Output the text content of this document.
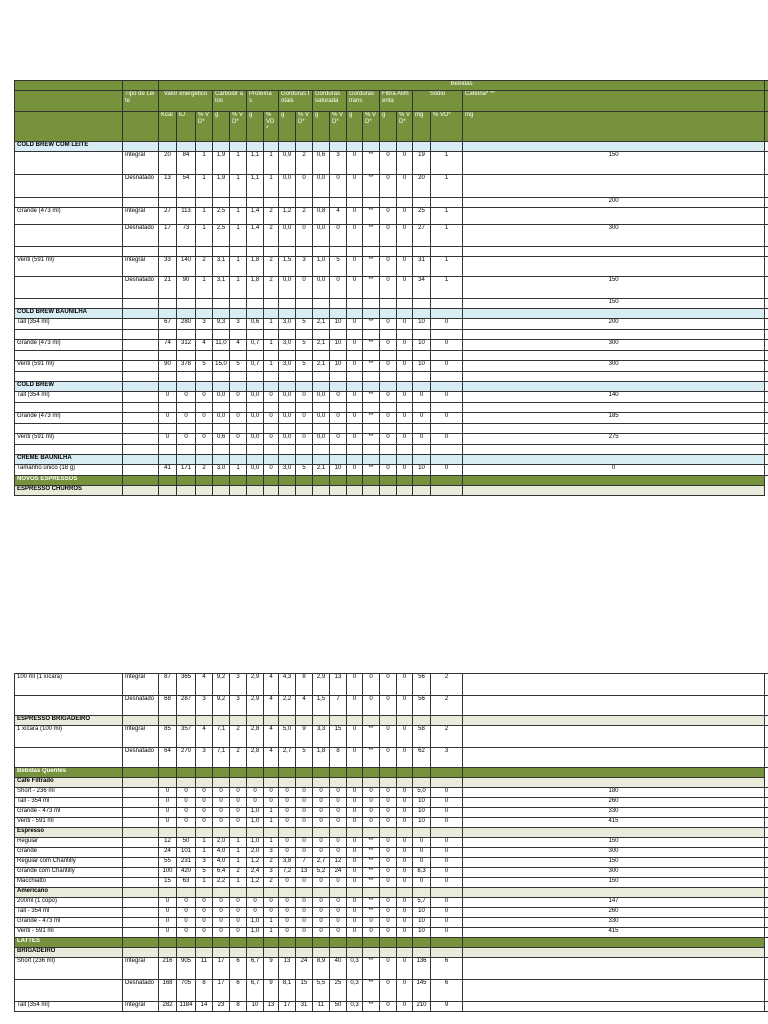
		Bebidas																		
	Tipo de Leite	Valor energético			Carboidr atos		Proteína s		Gorduras totais		Gorduras saturada		Gorduras trans		Fibra Alimenta		Sódio		Cafeína* **	
		Kcal	kJ	% VD*	g	% VD*	g	% VD*	g	% VD*	g	% VD*	g	% VD*	g	% VD*	mg	% VD*	mg	
COLD BREW COM LEITE																				
	Integral	20	84	1	1,9	1	1,1	1	0,9	2	0,6	3	0	**	0	0	19	1	150	
	Desnatado	13	54	1	1,9	1	1,1	1	0,0	0	0,0	0	0	**	0	0	20	1		
																			200	
Grande (473 ml)	Integral	27	113	1	2,5	1	1,4	2	1,2	2	0,8	4	0	**	0	0	25	1		
	Desnatado	17	73	1	2,5	1	1,4	2	0,0	0	0,0	0	0	**	0	0	27	1	300	

Venti (591 ml)	Integral	33	140	2	3,1	1	1,8	2	1,5	3	1,0	5	0	**	0	0	31	1		
	Desnatado	21	90	1	3,1	1	1,8	2	0,0	0	0,0	0	0	**	0	0	34	1	150	
																			150	
COLD BREW BAUNILHA																				
Tall (354 ml)		67	280	3	9,3	3	0,6	1	3,0	5	2,1	10	0	**	0	0	10	0	200	

Grande (473 ml)		74	312	4	11,0	4	0,7	1	3,0	5	2,1	10	0	**	0	0	10	0	300	

Venti (591 ml)		90	378	5	15,0	5	0,7	1	3,0	5	2,1	10	0	**	0	0	10	0	300	

COLD BREW																				
Tall (354 ml)		0	0	0	0,0	0	0,0	0	0,0	0	0,0	0	0	**	0	0	0	0	140	

Grande (473 ml)		0	0	0	0,0	0	0,0	0	0,0	0	0,0	0	0	**	0	0	0	0	185	

Venti (591 ml)		0	0	0	0,6	0	0,0	0	0,0	0	0,0	0	0	**	0	0	0	0	275	

CREME BAUNILHA																				
Tamanho único (18 g)		41	171	2	3,0	1	0,0	0	3,0	5	2,1	10	0	**	0	0	10	0	0	
NOVOS ESPRESSOS																				
ESPRESSO CHURROS																				
100 ml (1 xícara)	Integral	87	365	4	9,2	3	2,9	4	4,3	8	2,9	13	0	0	0	0	56	2		
	Desnatado	68	287	3	9,2	3	2,9	4	2,2	4	1,5	7	0	0	0	0	56	2		
ESPRESSO BRIGADEIRO																				
1 xícara (100 ml)	Integral	85	357	4	7,1	2	2,8	4	5,0	9	3,3	15	0	**	0	0	58	2		
	Desnatado	64	270	3	7,1	2	2,8	4	2,7	5	1,8	8	0	**	0	0	62	3		
Bebidas Quentes																				
Café Filtrado																				
Short - 236 ml		0	0	0	0	0	0	0	0	0	0	0	0	0	0	0	5,0	0	180	
Tall - 354 ml		0	0	0	0	0	0	0	0	0	0	0	0	0	0	0	10	0	260	
Grande - 473 ml		0	0	0	0	0	1,0	1	0	0	0	0	0	0	0	0	10	0	330	
Venti - 591 ml		0	0	0	0	0	1,0	1	0	0	0	0	0	0	0	0	10	0	415	
Espresso																				
Regular		12	50	1	2,0	1	1,0	1	0	0	0	0	0	**	0	0	0	0	150	
Grande		24	101	1	4,0	1	2,0	3	0	0	0	0	0	**	0	0	0	0	300	
Regular com Chantilly		55	231	3	4,0	1	1,2	2	3,8	7	2,7	12	0	**	0	0	0	0	150	
Grande com Chantilly		100	420	5	6,4	2	2,4	3	7,2	13	5,2	24	0	**	0	0	8,3	0	300	
Macchiatto		15	63	1	2,2	1	1,2	2	0	0	0	0	0	**	0	0	0	0	150	
Americano																				
200ml (1 copo)		0	0	0	0	0	0	0	0	0	0	0	0	**	0	0	5,7	0	147	
Tall - 354 ml		0	0	0	0	0	0	0	0	0	0	0	0	**	0	0	10	0	260	
Grande - 473 ml		0	0	0	0	0	1,0	1	0	0	0	0	0	0	0	0	10	0	330	
Venti - 591 ml		0	0	0	0	0	1,0	1	0	0	0	0	0	0	0	0	10	0	415	
LATTES																				
BRIGADEIRO																				
Short (236 ml)	Integral	216	905	11	17	6	6,7	9	13	24	8,9	40	0,3	**	0	0	136	6		
	Desnatado	168	705	8	17	6	6,7	9	8,1	15	5,5	25	0,3	**	0	0	145	6		
Tall (354 ml)	Integral	282	1184	14	23	8	10	13	17	31	11	50	0,3	**	0	0	210	9		
